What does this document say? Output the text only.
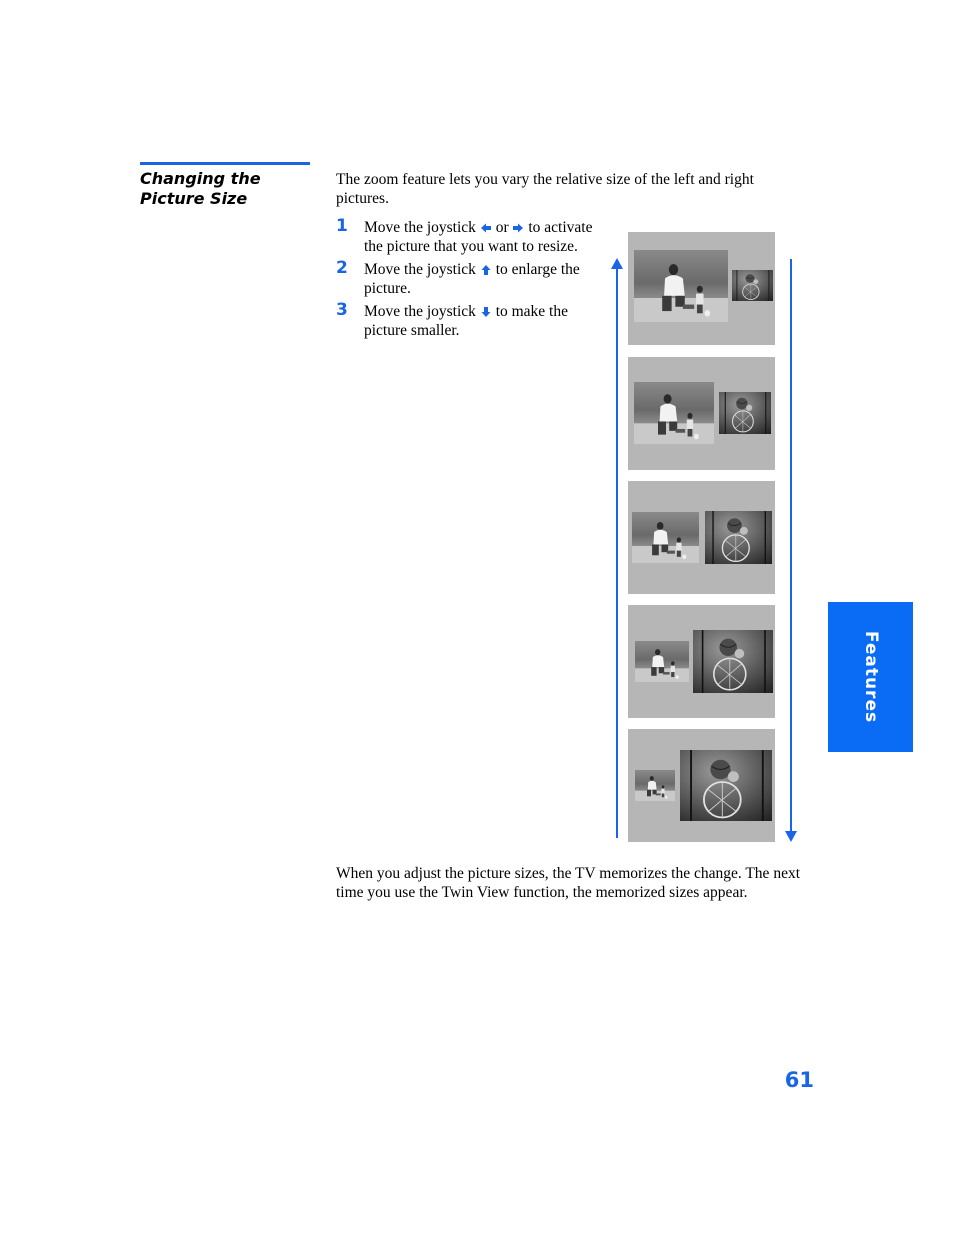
Changing the
Picture Size
The zoom feature lets you vary the relative size of the left and right pictures.
1 Move the joystick or to activate the picture that you want to resize.
2 Move the joystick to enlarge the picture.
3 Move the joystick to make the picture smaller.
When you adjust the picture sizes, the TV memorizes the change. The next time you use the Twin View function, the memorized sizes appear.
Features
61
